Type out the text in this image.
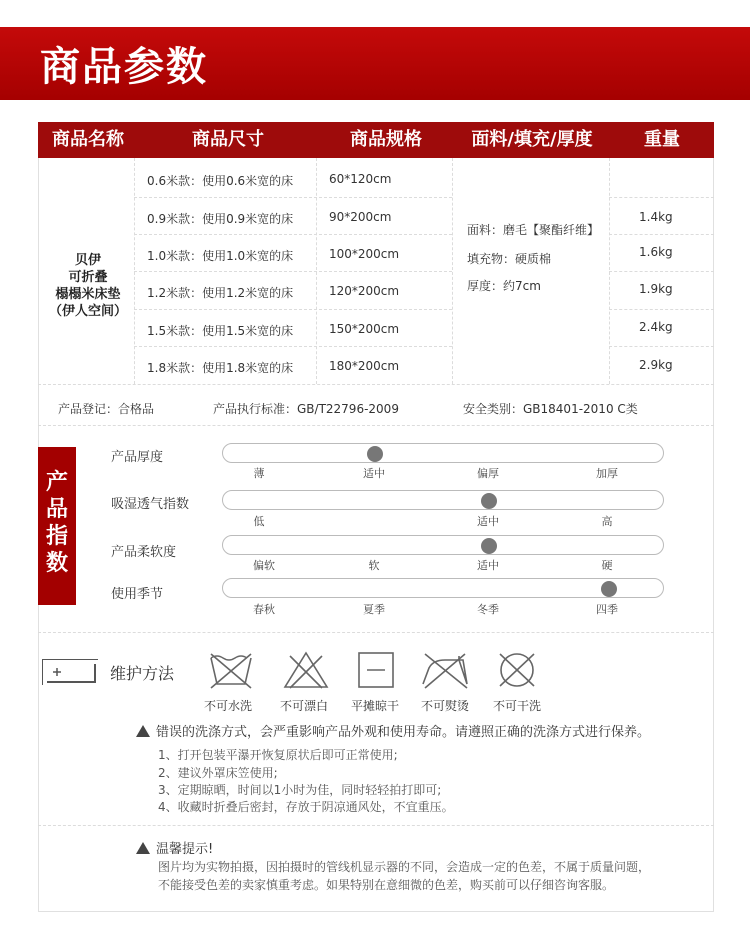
商品参数
商品名称	商品尺寸	商品规格	面料/填充/厚度	重量
贝伊
可折叠
榻榻米床垫
（伊人空间）
0.6米款：使用0.6米宽的床	60*120cm
0.9米款：使用0.9米宽的床	90*200cm	1.4kg
1.0米款：使用1.0米宽的床	100*200cm	1.6kg
1.2米款：使用1.2米宽的床	120*200cm	1.9kg
1.5米款：使用1.5米宽的床	150*200cm	2.4kg
1.8米款：使用1.8米宽的床	180*200cm	2.9kg
面料：磨毛【聚酯纤维】
填充物：硬质棉
厚度：约7cm
产品登记：合格品	产品执行标准：GB/T22796-2009	安全类别：GB18401-2010 C类
产
品
指
数
产品厚度
薄	适中	偏厚	加厚
吸湿透气指数
低	适中	高
产品柔软度
偏软	软	适中	硬
使用季节
春秋	夏季	冬季	四季
维护方法
不可水洗	不可漂白	平摊晾干	不可熨烫	不可干洗
错误的洗涤方式，会严重影响产品外观和使用寿命。请遵照正确的洗涤方式进行保养。
1、打开包装平瀑开恢复原状后即可正常使用;
2、建议外罩床笠使用;
3、定期晾晒，时间以1小时为佳，同时轻轻拍打即可;
4、收藏时折叠后密封，存放于阴凉通风处，不宜重压。
温馨提示!
图片均为实物拍摄，因拍摄时的管线机显示器的不同，会造成一定的色差，不属于质量问题，
不能接受色差的卖家慎重考虑。如果特别在意细微的色差，购买前可以仔细咨询客服。
